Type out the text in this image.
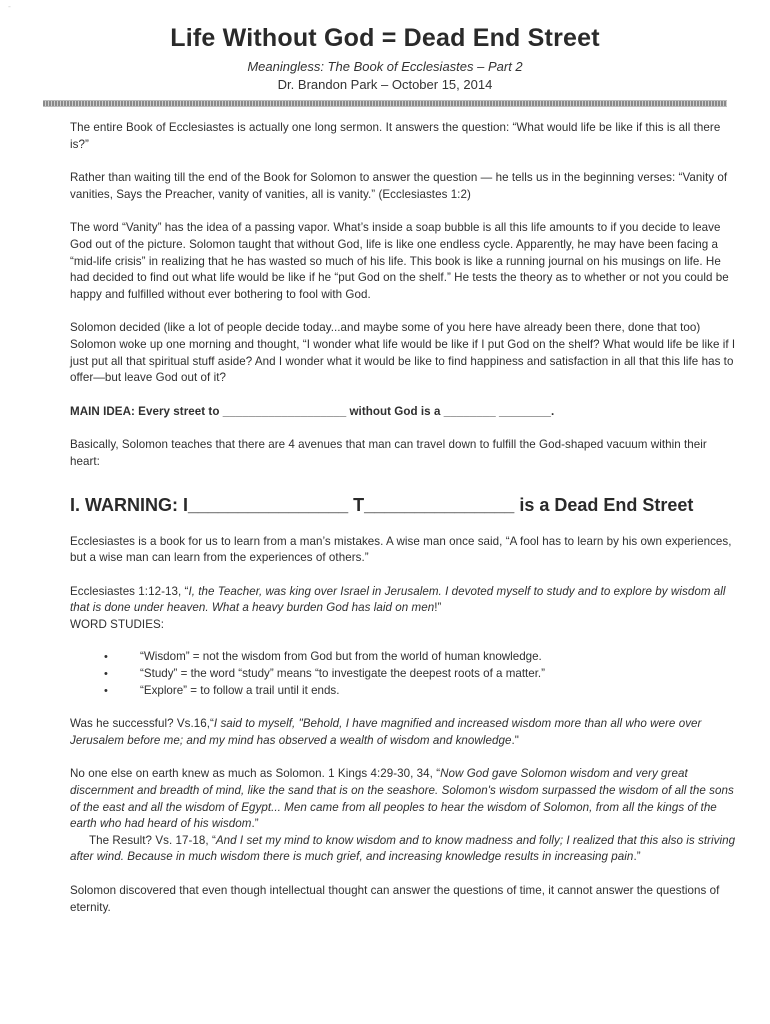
-
Life Without God = Dead End Street
Meaningless: The Book of Ecclesiastes – Part 2
Dr. Brandon Park – October 15, 2014

The entire Book of Ecclesiastes is actually one long sermon. It answers the question: “What would life be like if this is all there is?”

Rather than waiting till the end of the Book for Solomon to answer the question — he tells us in the beginning verses: “Vanity of vanities, Says the Preacher, vanity of vanities, all is vanity.” (Ecclesiastes 1:2)

The word “Vanity” has the idea of a passing vapor. What’s inside a soap bubble is all this life amounts to if you decide to leave God out of the picture. Solomon taught that without God, life is like one endless cycle. Apparently, he may have been facing a “mid-life crisis” in realizing that he has wasted so much of his life. This book is like a running journal on his musings on life. He had decided to find out what life would be like if he “put God on the shelf.” He tests the theory as to whether or not you could be happy and fulfilled without ever bothering to fool with God.

Solomon decided (like a lot of people decide today...and maybe some of you here have already been there, done that too) Solomon woke up one morning and thought, “I wonder what life would be like if I put God on the shelf? What would life be like if I just put all that spiritual stuff aside? And I wonder what it would be like to find happiness and satisfaction in all that this life has to offer—but leave God out of it?

MAIN IDEA: Every street to ___________________ without God is a ________ ________.

Basically, Solomon teaches that there are 4 avenues that man can travel down to fulfill the God-shaped vacuum within their heart:

I. WARNING: I________________ T_______________ is a Dead End Street

Ecclesiastes is a book for us to learn from a man’s mistakes. A wise man once said, “A fool has to learn by his own experiences, but a wise man can learn from the experiences of others.”

Ecclesiastes 1:12-13, “I, the Teacher, was king over Israel in Jerusalem. I devoted myself to study and to explore by wisdom all that is done under heaven. What a heavy burden God has laid on men!”

WORD STUDIES:

•	“Wisdom” = not the wisdom from God but from the world of human knowledge.
•	“Study” = the word “study” means “to investigate the deepest roots of a matter.”
•	“Explore” = to follow a trail until it ends.

Was he successful? Vs.16,“I said to myself, "Behold, I have magnified and increased wisdom more than all who were over Jerusalem before me; and my mind has observed a wealth of wisdom and knowledge."

No one else on earth knew as much as Solomon. 1 Kings 4:29-30, 34, “Now God gave Solomon wisdom and very great discernment and breadth of mind, like the sand that is on the seashore. Solomon's wisdom surpassed the wisdom of all the sons of the east and all the wisdom of Egypt... Men came from all peoples to hear the wisdom of Solomon, from all the kings of the earth who had heard of his wisdom.”

The Result? Vs. 17-18, “And I set my mind to know wisdom and to know madness and folly; I realized that this also is striving after wind. Because in much wisdom there is much grief, and increasing knowledge results in increasing pain.”

Solomon discovered that even though intellectual thought can answer the questions of time, it cannot answer the questions of eternity.
